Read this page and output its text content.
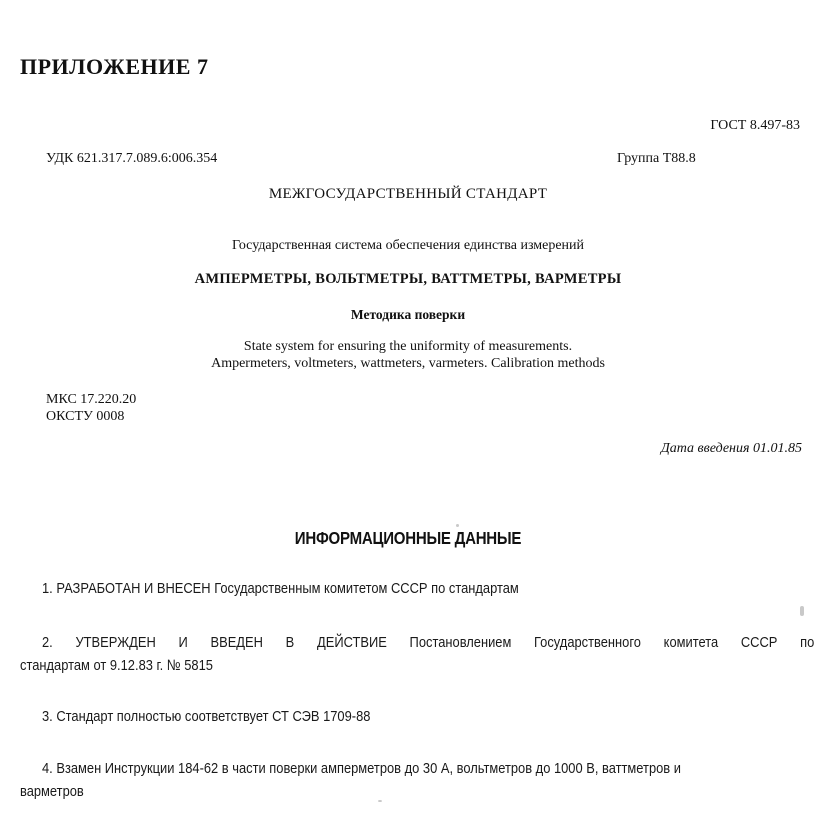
ПРИЛОЖЕНИЕ 7
ГОСТ 8.497-83
УДК 621.317.7.089.6:006.354	Группа Т88.8
МЕЖГОСУДАРСТВЕННЫЙ СТАНДАРТ
Государственная система обеспечения единства измерений
АМПЕРМЕТРЫ, ВОЛЬТМЕТРЫ, ВАТТМЕТРЫ, ВАРМЕТРЫ
Методика поверки
State system for ensuring the uniformity of measurements.
Ampermeters, voltmeters, wattmeters, varmeters. Calibration methods
МКС 17.220.20
ОКСТУ 0008
Дата введения 01.01.85
ИНФОРМАЦИОННЫЕ ДАННЫЕ
1. РАЗРАБОТАН И ВНЕСЕН Государственным комитетом СССР по стандартам
2. УТВЕРЖДЕН И ВВЕДЕН В ДЕЙСТВИЕ Постановлением Государственного комитета СССР по
стандартам от 9.12.83 г. № 5815
3. Стандарт полностью соответствует СТ СЭВ 1709-88
4. Взамен Инструкции 184-62 в части поверки амперметров до 30 А, вольтметров до 1000 В, ваттметров и
варметров
